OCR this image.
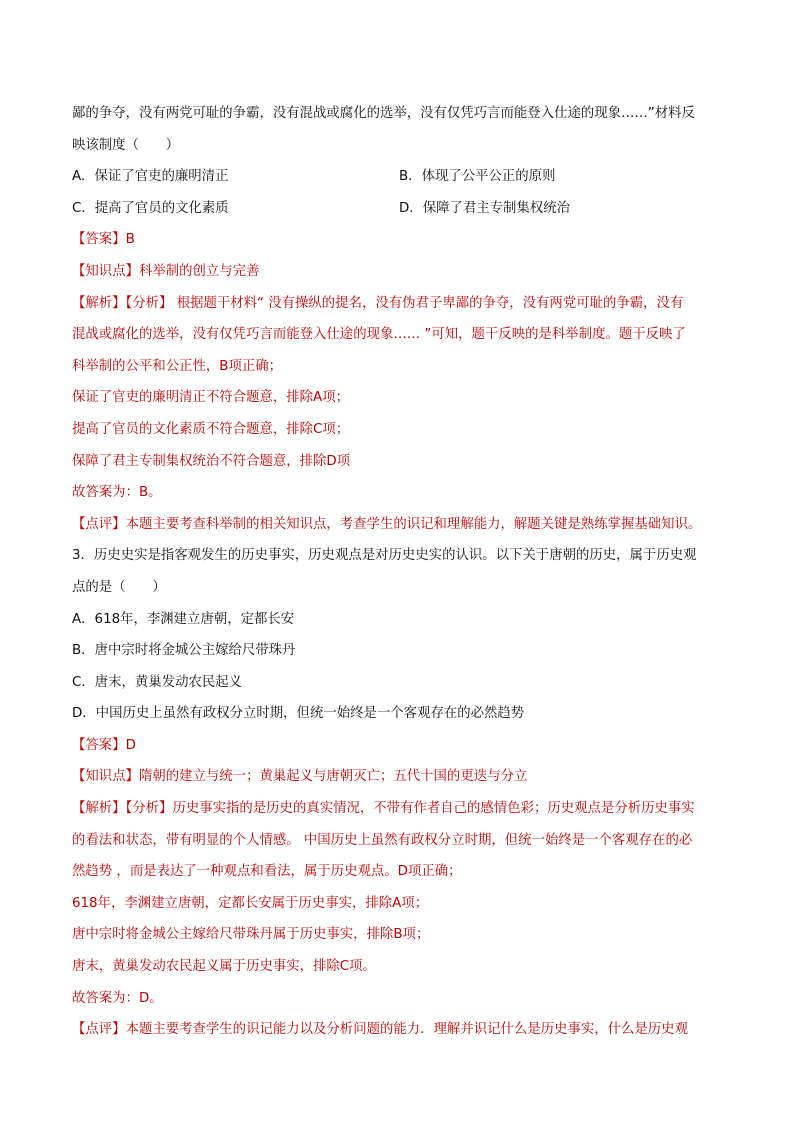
鄙的争夺，没有两党可耻的争霸，没有混战或腐化的选举，没有仅凭巧言而能登入仕途的现象……”材料反
映该制度（　　）
A．保证了官吏的廉明清正	B．体现了公平公正的原则
C．提高了官员的文化素质	D．保障了君主专制集权统治
【答案】B
【知识点】科举制的创立与完善
【解析】【分析】 根据题干材料“ 没有操纵的提名，没有伪君子卑鄙的争夺，没有两党可耻的争霸，没有
混战或腐化的选举，没有仅凭巧言而能登入仕途的现象…… ”可知，题干反映的是科举制度。题干反映了
科举制的公平和公正性，B项正确；
保证了官吏的廉明清正不符合题意，排除A项；
提高了官员的文化素质不符合题意，排除C项；
保障了君主专制集权统治不符合题意，排除D项
故答案为：B。
【点评】本题主要考查科举制的相关知识点，考查学生的识记和理解能力，解题关键是熟练掌握基础知识。
3．历史史实是指客观发生的历史事实，历史观点是对历史史实的认识。以下关于唐朝的历史，属于历史观
点的是（　　）
A．618年，李渊建立唐朝，定都长安
B．唐中宗时将金城公主嫁给尺带珠丹
C．唐末，黄巢发动农民起义
D．中国历史上虽然有政权分立时期，但统一始终是一个客观存在的必然趋势
【答案】D
【知识点】隋朝的建立与统一；黄巢起义与唐朝灭亡；五代十国的更迭与分立
【解析】【分析】历史事实指的是历史的真实情况，不带有作者自己的感情色彩；历史观点是分析历史事实
的看法和状态，带有明显的个人情感。 中国历史上虽然有政权分立时期，但统一始终是一个客观存在的必
然趋势 ，而是表达了一种观点和看法，属于历史观点。D项正确；
618年，李渊建立唐朝，定都长安属于历史事实，排除A项；
唐中宗时将金城公主嫁给尺带珠丹属于历史事实，排除B项；
唐末，黄巢发动农民起义属于历史事实，排除C项。
故答案为：D。
【点评】本题主要考查学生的识记能力以及分析问题的能力．理解并识记什么是历史事实，什么是历史观
